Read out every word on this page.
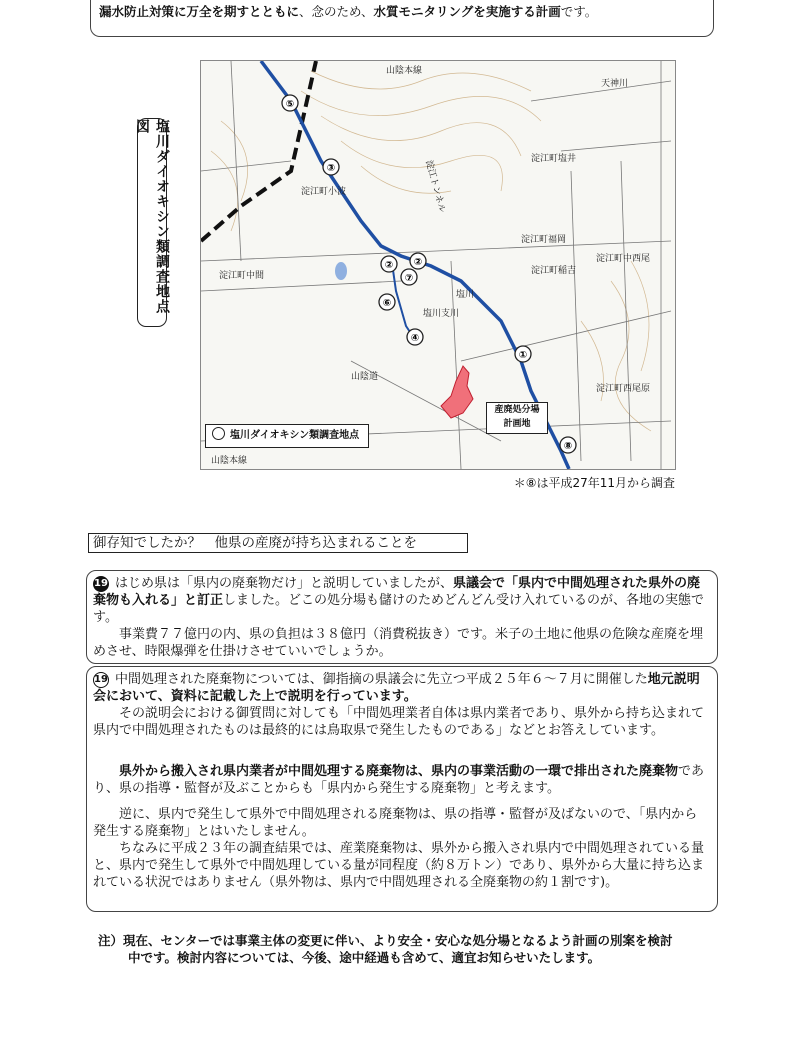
漏水防止対策に万全を期すとともに、念のため、水質モニタリングを実施する計画です。

塩川ダイオキシン類調査地点図
⑤
③
② ②
⑦
⑥
④
①
⑧
山陰本線
淀江町小波
淀江町福岡
淀江町中間
淀江町中西尾
淀江町西尾原
淀江町稲吉
淀江町塩井
山陰道
塩川
塩川支川
天神川
淀江トンネル
山陰本線
塩川ダイオキシン類調査地点
産廃処分場
計画地
＊⑧は平成27年11月から調査
御存知でしたか？　他県の産廃が持ち込まれることを

19 はじめ県は「県内の廃棄物だけ」と説明していましたが、県議会で「県内で中間処理された県外の廃棄物も入れる」と訂正しました。どこの処分場も儲けのためどんどん受け入れているのが、各地の実態です。

事業費７７億円の内、県の負担は３８億円（消費税抜き）です。米子の土地に他県の危険な産廃を埋めさせ、時限爆弾を仕掛けさせていいでしょうか。

19 中間処理された廃棄物については、御指摘の県議会に先立つ平成２５年６～７月に開催した地元説明会において、資料に記載した上で説明を行っています。

その説明会における御質問に対しても「中間処理業者自体は県内業者であり、県外から持ち込まれて県内で中間処理されたものは最終的には鳥取県で発生したものである」などとお答えしています。

県外から搬入され県内業者が中間処理する廃棄物は、県内の事業活動の一環で排出された廃棄物であり、県の指導・監督が及ぶことからも「県内から発生する廃棄物」と考えます。

逆に、県内で発生して県外で中間処理される廃棄物は、県の指導・監督が及ばないので、「県内から発生する廃棄物」とはいたしません。

ちなみに平成２３年の調査結果では、産業廃棄物は、県外から搬入され県内で中間処理されている量と、県内で発生して県外で中間処理している量が同程度（約８万トン）であり、県外から大量に持ち込まれている状況ではありません（県外物は、県内で中間処理される全廃棄物の約１割です)。

注）現在、センターでは事業主体の変更に伴い、より安全・安心な処分場となるよう計画の別案を検討
中です。検討内容については、今後、途中経過も含めて、適宜お知らせいたします。
